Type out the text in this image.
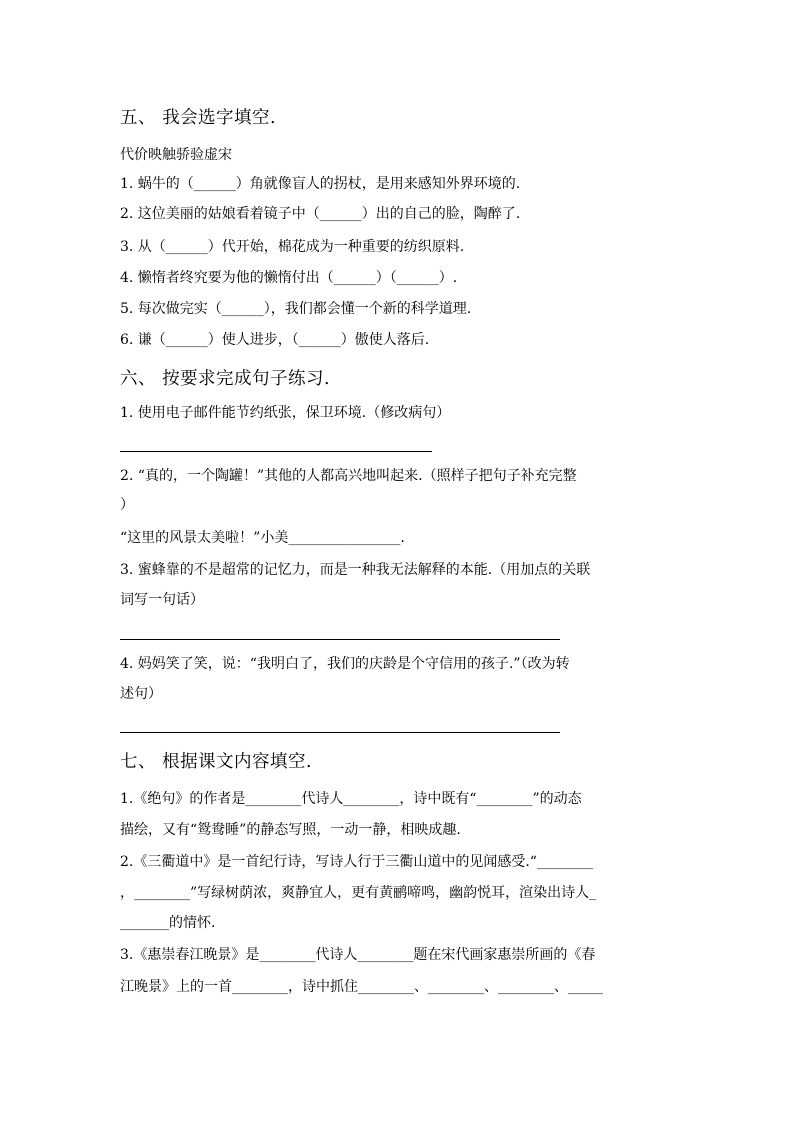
五、 我会选字填空.
代价映触骄验虚宋
1. 蜗牛的（______）角就像盲人的拐杖，是用来感知外界环境的.
2. 这位美丽的姑娘看着镜子中（______）出的自己的脸，陶醉了.
3. 从（______）代开始，棉花成为一种重要的纺织原料.
4. 懒惰者终究要为他的懒惰付出（______）（______）.
5. 每次做完实（______），我们都会懂一个新的科学道理.
6. 谦（______）使人进步，（______）傲使人落后.
六、 按要求完成句子练习.
1. 使用电子邮件能节约纸张，保卫环境.（修改病句）
2. “真的，一个陶罐！”其他的人都高兴地叫起来.（照样子把句子补充完整
）
“这里的风景太美啦！”小美________________.
3. 蜜蜂靠的不是超常的记忆力，而是一种我无法解释的本能.（用加点的关联
词写一句话）
4. 妈妈笑了笑，说：“我明白了，我们的庆龄是个守信用的孩子.”（改为转
述句）
七、 根据课文内容填空.
1.《绝句》的作者是________代诗人________，诗中既有“________”的动态
描绘，又有“鸳鸯睡”的静态写照，一动一静，相映成趣.
2.《三衢道中》是一首纪行诗，写诗人行于三衢山道中的见闻感受.“________
，________”写绿树荫浓，爽静宜人，更有黄鹂啼鸣，幽韵悦耳，渲染出诗人_
_______的情怀.
3.《惠崇春江晚景》是________代诗人________题在宋代画家惠崇所画的《春
江晚景》上的一首________，诗中抓住________、________、________、_____
